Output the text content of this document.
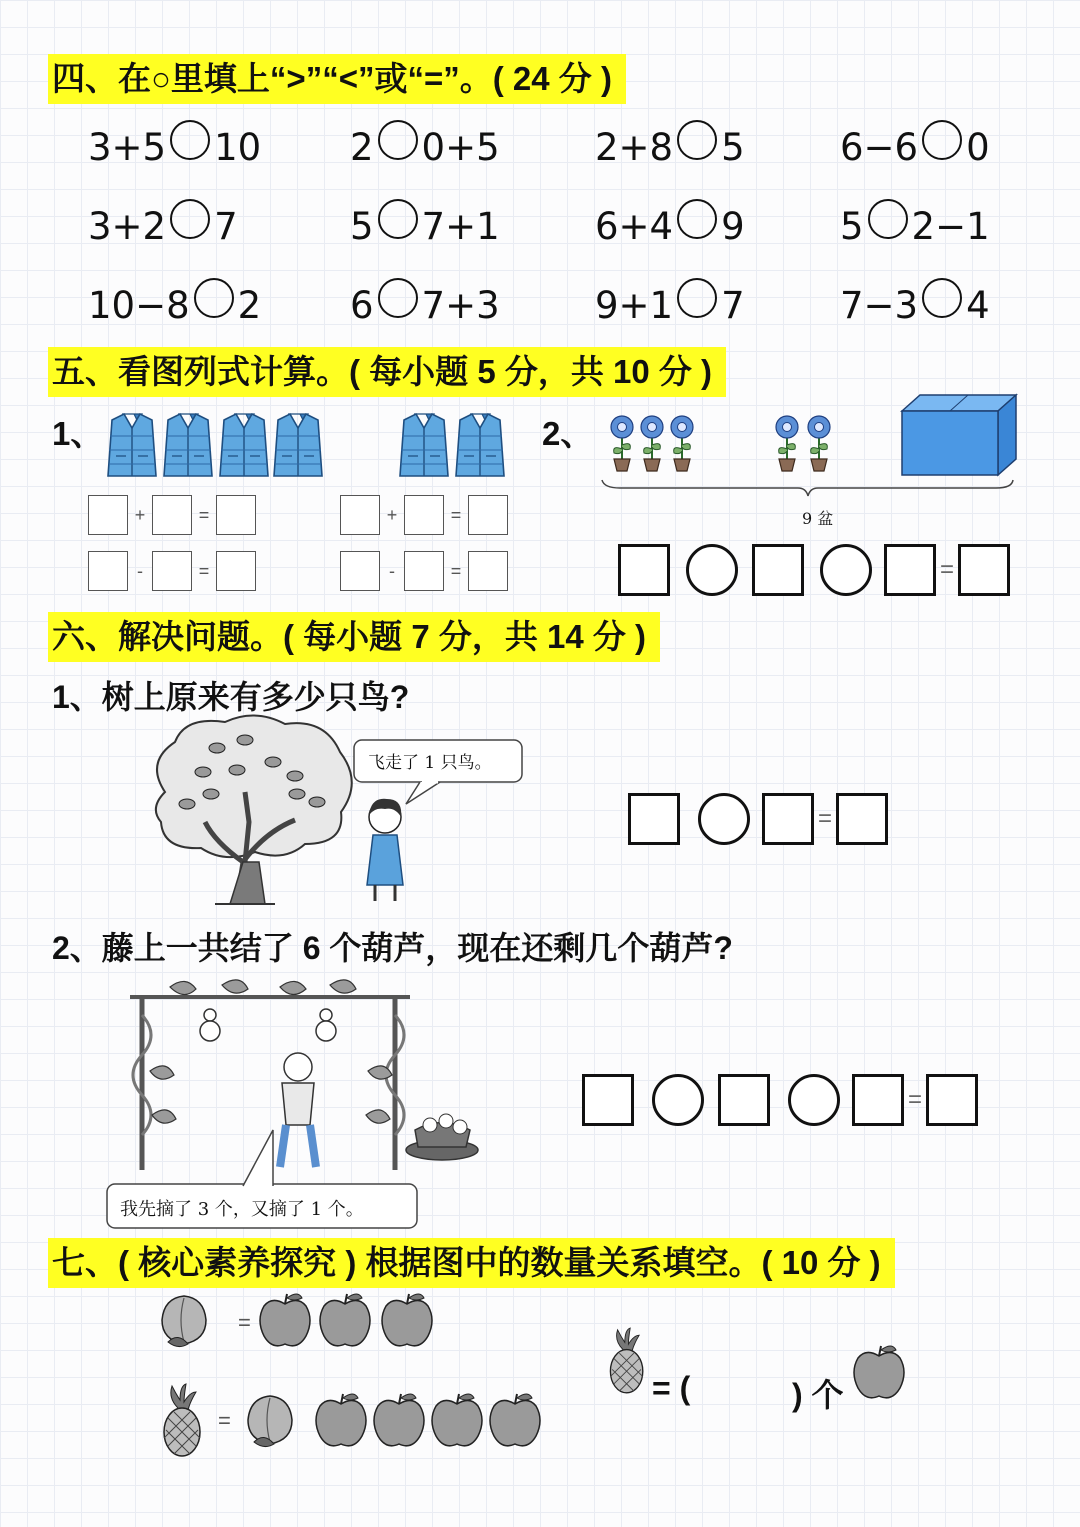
四、在○里填上“>”“<”或“=”。( 24 分 )
3+5 10 2 0+5	2+8 5	6−6 0
3+2 7	5 7+1	6+4 9	5 2−1
10−8 2 6 7+3	9+1 7	7−3 4
五、看图列式计算。( 每小题 5 分，共 10 分 )
1、
+	=
-	=
+	=
-	=
2、
9 盆
=
六、解决问题。( 每小题 7 分，共 14 分 )
1、树上原来有多少只鸟?
飞走了 1 只鸟。
=
2、藤上一共结了 6 个葫芦，现在还剩几个葫芦?
我先摘了 3 个，又摘了 1 个。
=
七、( 核心素养探究 ) 根据图中的数量关系填空。( 10 分 )
=
=
= (	) 个
